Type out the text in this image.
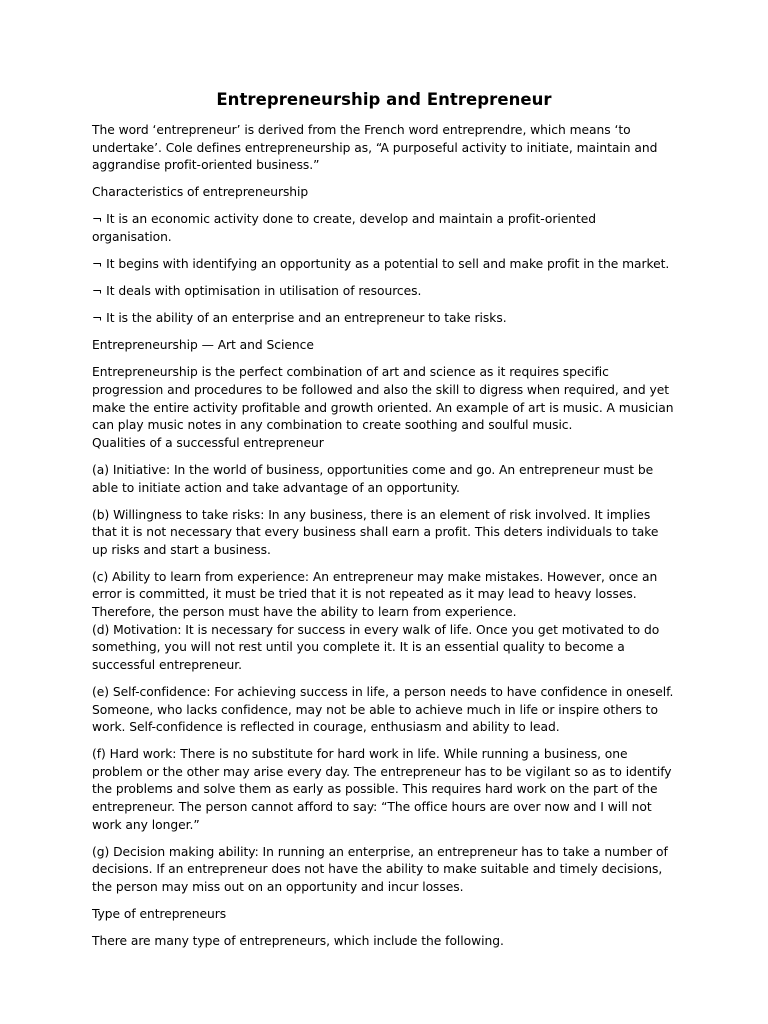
Entrepreneurship and Entrepreneur

The word ‘entrepreneur’ is derived from the French word entreprendre, which means ‘to undertake’. Cole defines entrepreneurship as, “A purposeful activity to initiate, maintain and aggrandise profit-oriented business.”

Characteristics of entrepreneurship

¬ It is an economic activity done to create, develop and maintain a profit-oriented organisation.

¬ It begins with identifying an opportunity as a potential to sell and make profit in the market.

¬ It deals with optimisation in utilisation of resources.

¬ It is the ability of an enterprise and an entrepreneur to take risks.

Entrepreneurship — Art and Science

Entrepreneurship is the perfect combination of art and science as it requires specific progression and procedures to be followed and also the skill to digress when required, and yet make the entire activity profitable and growth oriented. An example of art is music. A musician can play music notes in any combination to create soothing and soulful music.

Qualities of a successful entrepreneur

(a) Initiative: In the world of business, opportunities come and go. An entrepreneur must be able to initiate action and take advantage of an opportunity.

(b) Willingness to take risks: In any business, there is an element of risk involved. It implies that it is not necessary that every business shall earn a profit. This deters individuals to take up risks and start a business.

(c) Ability to learn from experience: An entrepreneur may make mistakes. However, once an error is committed, it must be tried that it is not repeated as it may lead to heavy losses. Therefore, the person must have the ability to learn from experience.

(d) Motivation: It is necessary for success in every walk of life. Once you get motivated to do something, you will not rest until you complete it. It is an essential quality to become a successful entrepreneur.

(e) Self-confidence: For achieving success in life, a person needs to have confidence in oneself. Someone, who lacks confidence, may not be able to achieve much in life or inspire others to work. Self-confidence is reflected in courage, enthusiasm and ability to lead.

(f) Hard work: There is no substitute for hard work in life. While running a business, one problem or the other may arise every day. The entrepreneur has to be vigilant so as to identify the problems and solve them as early as possible. This requires hard work on the part of the entrepreneur. The person cannot afford to say: “The office hours are over now and I will not work any longer.”

(g) Decision making ability: In running an enterprise, an entrepreneur has to take a number of decisions. If an entrepreneur does not have the ability to make suitable and timely decisions, the person may miss out on an opportunity and incur losses.

Type of entrepreneurs

There are many type of entrepreneurs, which include the following.
